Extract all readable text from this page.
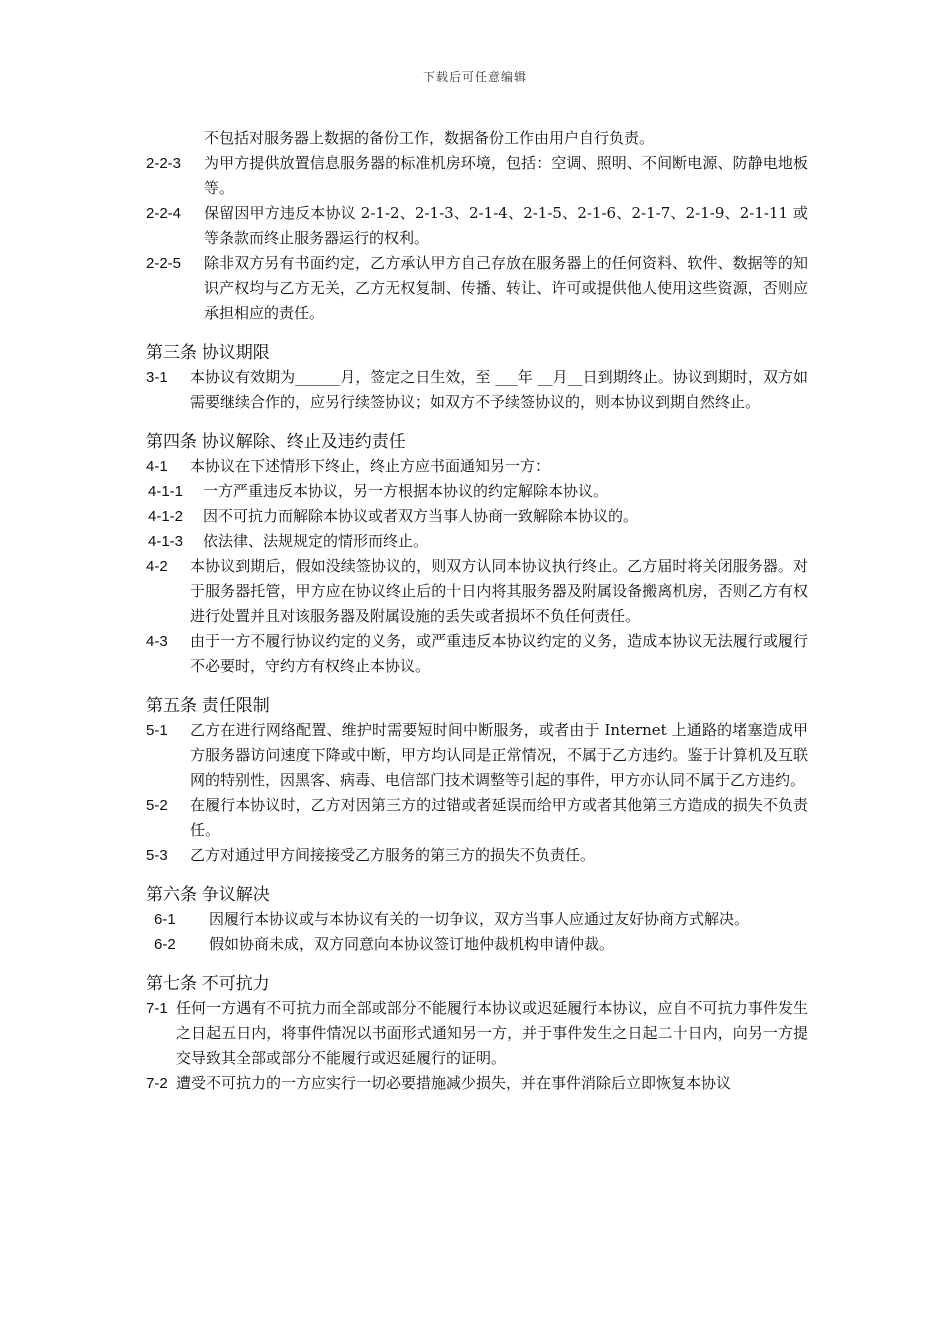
下载后可任意编辑
不包括对服务器上数据的备份工作，数据备份工作由用户自行负责。
2-2-3	为甲方提供放置信息服务器的标准机房环境，包括：空调、照明、不间断电源、防静电地板等。
2-2-4	保留因甲方违反本协议 2-1-2、2-1-3、2-1-4、2-1-5、2-1-6、2-1-7、2-1-9、2-1-11 或等条款而终止服务器运行的权利。
2-2-5	除非双方另有书面约定，乙方承认甲方自己存放在服务器上的任何资料、软件、数据等的知识产权均与乙方无关，乙方无权复制、传播、转让、许可或提供他人使用这些资源，否则应承担相应的责任。
第三条 协议期限
3-1	本协议有效期为______月，签定之日生效，至 ___年 __月__日到期终止。协议到期时，双方如需要继续合作的，应另行续签协议；如双方不予续签协议的，则本协议到期自然终止。
第四条 协议解除、终止及违约责任
4-1	本协议在下述情形下终止，终止方应书面通知另一方：
4-1-1	一方严重违反本协议，另一方根据本协议的约定解除本协议。
4-1-2	因不可抗力而解除本协议或者双方当事人协商一致解除本协议的。
4-1-3	依法律、法规规定的情形而终止。
4-2	本协议到期后，假如没续签协议的，则双方认同本协议执行终止。乙方届时将关闭服务器。对于服务器托管，甲方应在协议终止后的十日内将其服务器及附属设备搬离机房，否则乙方有权进行处置并且对该服务器及附属设施的丢失或者损坏不负任何责任。
4-3	由于一方不履行协议约定的义务，或严重违反本协议约定的义务，造成本协议无法履行或履行不必要时，守约方有权终止本协议。
第五条 责任限制
5-1	乙方在进行网络配置、维护时需要短时间中断服务，或者由于 Internet 上通路的堵塞造成甲方服务器访问速度下降或中断，甲方均认同是正常情况，不属于乙方违约。鉴于计算机及互联网的特别性，因黑客、病毒、电信部门技术调整等引起的事件，甲方亦认同不属于乙方违约。
5-2	在履行本协议时，乙方对因第三方的过错或者延误而给甲方或者其他第三方造成的损失不负责任。
5-3	乙方对通过甲方间接接受乙方服务的第三方的损失不负责任。
第六条 争议解决
6-1	因履行本协议或与本协议有关的一切争议，双方当事人应通过友好协商方式解决。
6-2	假如协商未成，双方同意向本协议签订地仲裁机构申请仲裁。
第七条 不可抗力
7-1 任何一方遇有不可抗力而全部或部分不能履行本协议或迟延履行本协议，应自不可抗力事件发生之日起五日内，将事件情况以书面形式通知另一方，并于事件发生之日起二十日内，向另一方提交导致其全部或部分不能履行或迟延履行的证明。
7-2 遭受不可抗力的一方应实行一切必要措施减少损失，并在事件消除后立即恢复本协议
